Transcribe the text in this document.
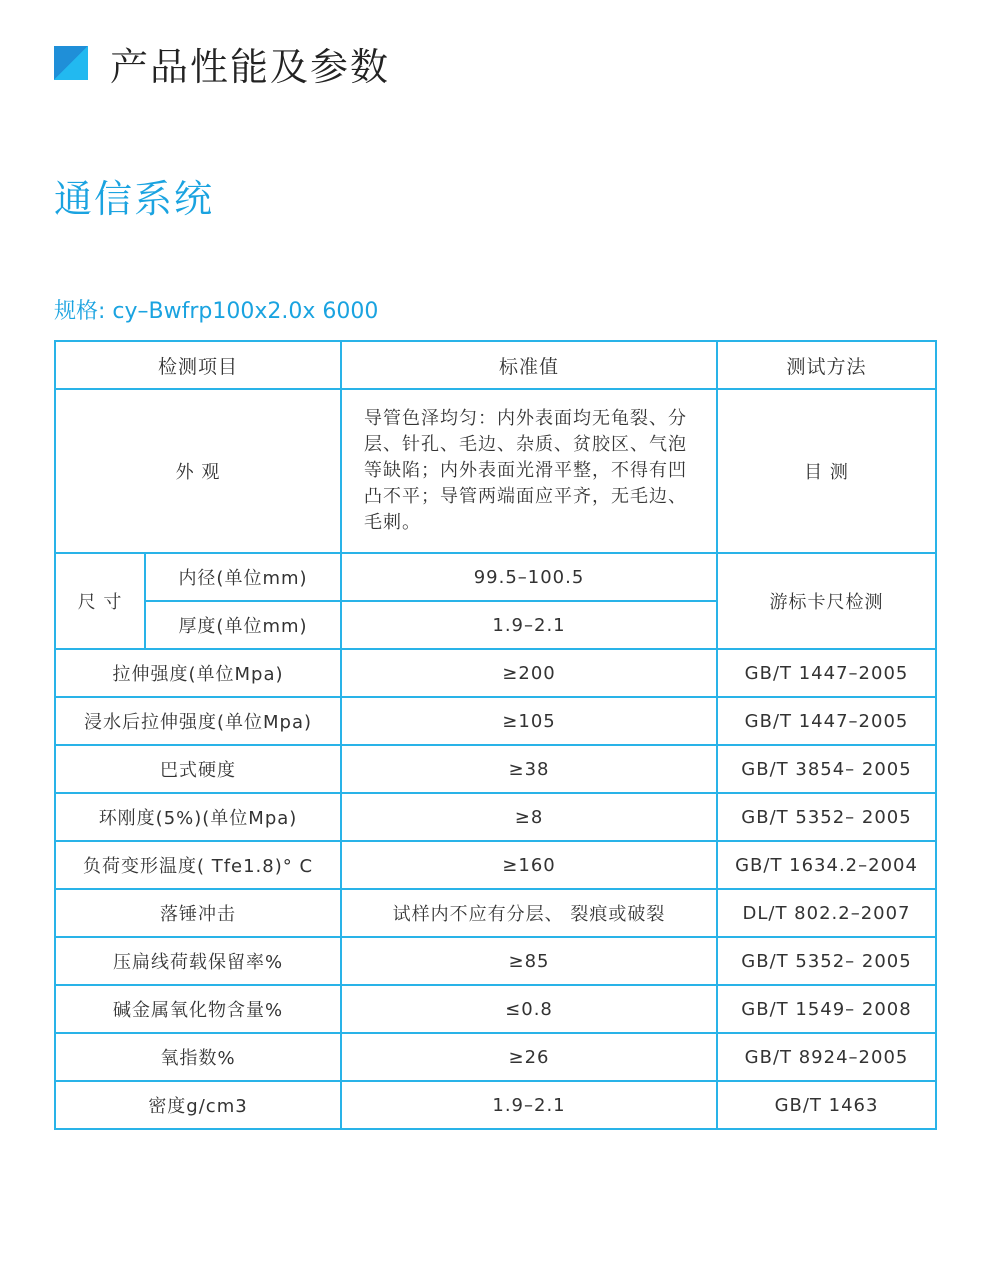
产品性能及参数
通信系统
规格: cy–Bwfrp100x2.0x 6000
检测项目		标准值	测试方法
外 观		导管色泽均匀：内外表面均无龟裂、分层、针孔、毛边、杂质、贫胶区、气泡等缺陷；内外表面光滑平整，不得有凹凸不平；导管两端面应平齐，无毛边、毛刺。	目 测
尺 寸	内径(单位mm)	99.5–100.5	游标卡尺检测
	厚度(单位mm)	1.9–2.1	
拉伸强度(单位Mpa)		≥200	GB/T 1447–2005
浸水后拉伸强度(单位Mpa)		≥105	GB/T 1447–2005
巴式硬度		≥38	GB/T 3854– 2005
环刚度(5%)(单位Mpa)		≥8	GB/T 5352– 2005
负荷变形温度( Tfe1.8)° C		≥160	GB/T 1634.2–2004
落锤冲击		试样内不应有分层、 裂痕或破裂	DL/T 802.2–2007
压扁线荷载保留率%		≥85	GB/T 5352– 2005
碱金属氧化物含量%		≤0.8	GB/T 1549– 2008
氧指数%		≥26	GB/T 8924–2005
密度g/cm3		1.9–2.1	GB/T 1463
